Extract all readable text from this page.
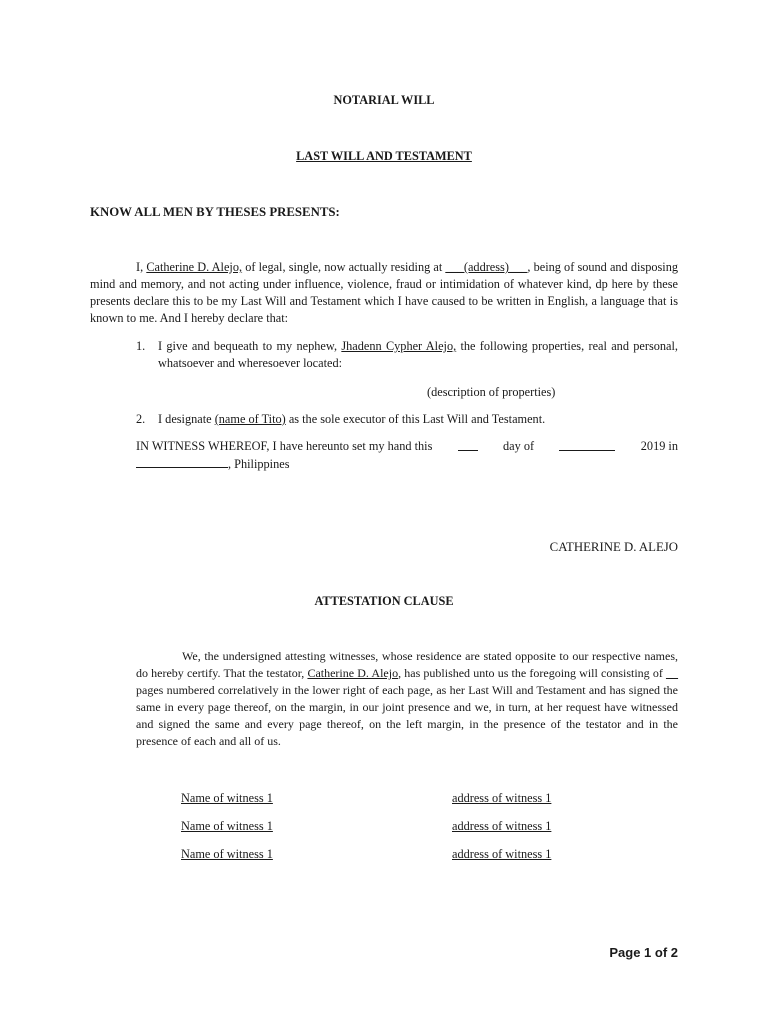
NOTARIAL WILL
LAST WILL AND TESTAMENT
KNOW ALL MEN BY THESES PRESENTS:
I, Catherine D. Alejo, of legal, single, now actually residing at ___(address)___, being of sound and disposing mind and memory, and not acting under influence, violence, fraud or intimidation of whatever kind, dp here by these presents declare this to be my Last Will and Testament which I have caused to be written in English, a language that is known to me. And I hereby declare that:
1. I give and bequeath to my nephew, Jhadenn Cypher Alejo, the following properties, real and personal, whatsoever and wheresoever located:
(description of properties)
2. I designate (name of Tito) as the sole executor of this Last Will and Testament.
IN WITNESS WHEREOF, I have hereunto set my hand this	day of	2019 in
, Philippines
CATHERINE D. ALEJO
ATTESTATION CLAUSE
We, the undersigned attesting witnesses, whose residence are stated opposite to our respective names, do hereby certify. That the testator, Catherine D. Alejo, has published unto us the foregoing will consisting of __ pages numbered correlatively in the lower right of each page, as her Last Will and Testament and has signed the same in every page thereof, on the margin, in our joint presence and we, in turn, at her request have witnessed and signed the same and every page thereof, on the left margin, in the presence of the testator and in the presence of each and all of us.
Name of witness 1	address of witness 1
Name of witness 1	address of witness 1
Name of witness 1	address of witness 1
Page 1 of 2
